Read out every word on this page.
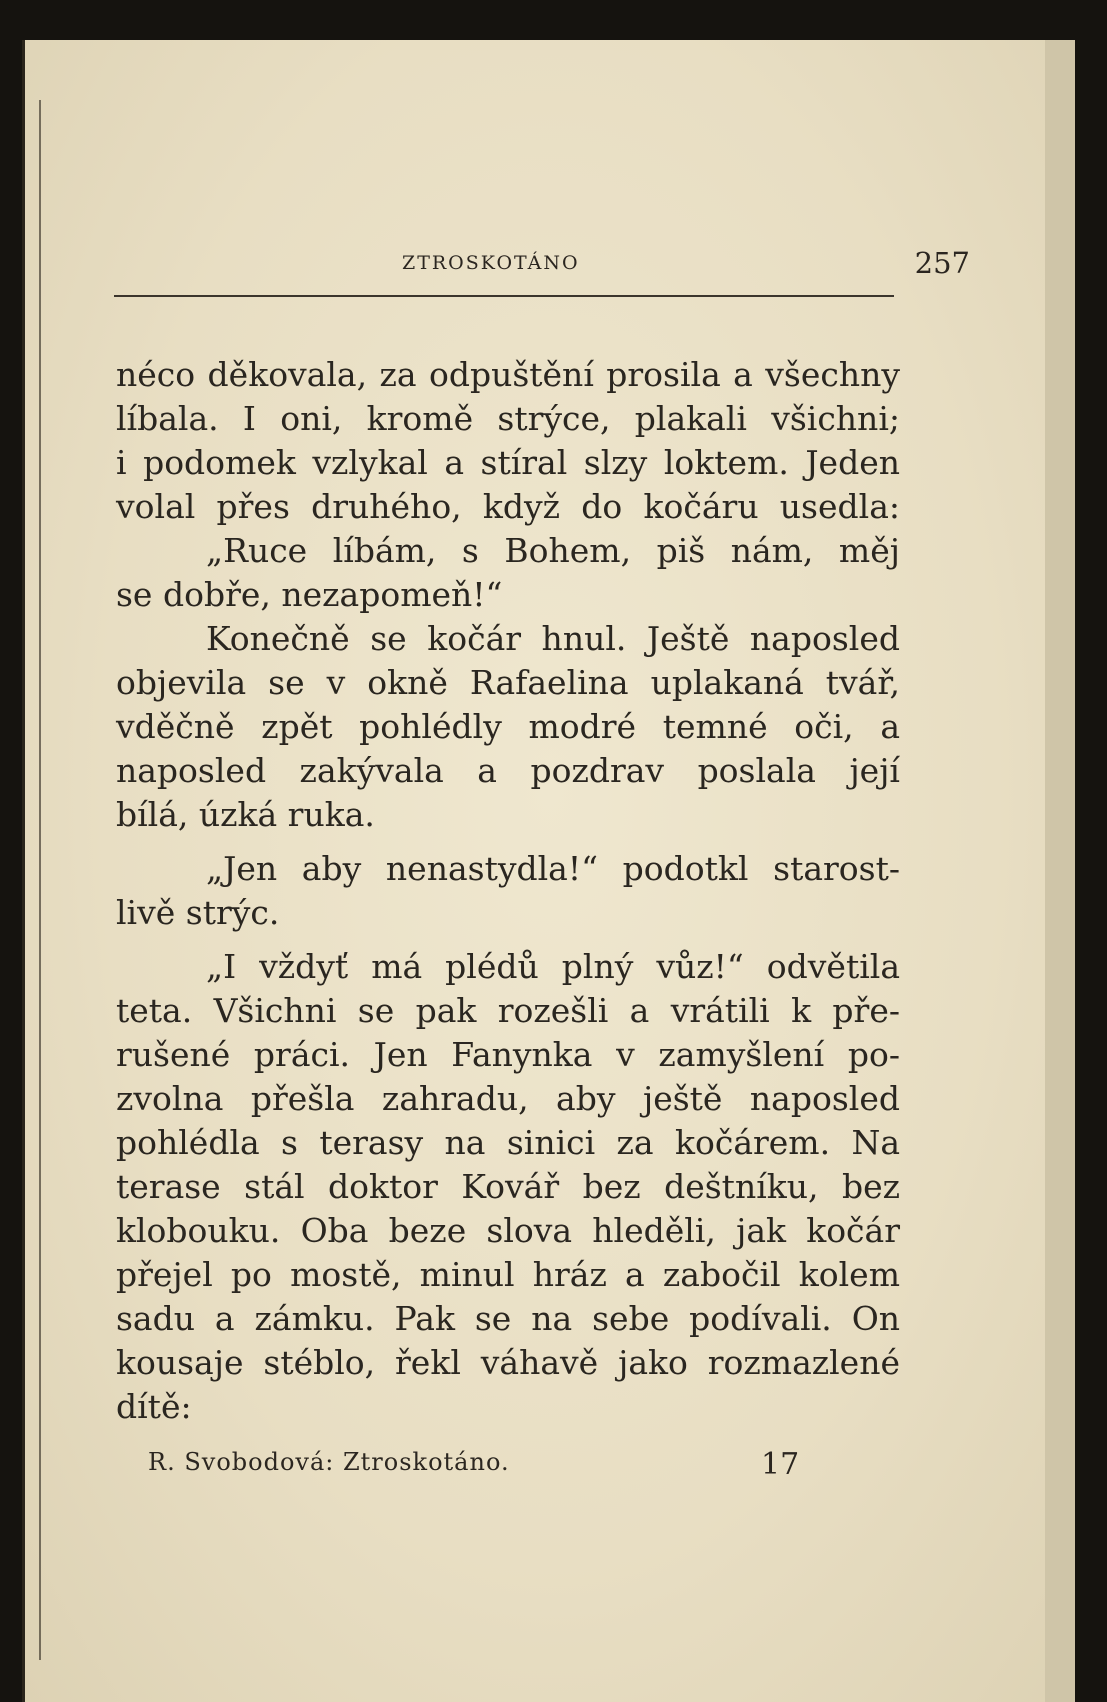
ZTROSKOTÁNO	257
néco děkovala, za odpuštění prosila a všechny
líbala. I oni, kromě strýce, plakali všichni;
i podomek vzlykal a stíral slzy loktem. Jeden
volal přes druhého, když do kočáru usedla:
„Ruce líbám, s Bohem, piš nám, měj
se dobře, nezapomeň!“
Konečně se kočár hnul. Ještě naposled
objevila se v okně Rafaelina uplakaná tvář,
vděčně zpět pohlédly modré temné oči, a
naposled zakývala a pozdrav poslala její
bílá, úzká ruka.
„Jen aby nenastydla!“ podotkl starost-
livě strýc.
„I vždyť má plédů plný vůz!“ odvětila
teta. Všichni se pak rozešli a vrátili k pře-
rušené práci. Jen Fanynka v zamyšlení po-
zvolna přešla zahradu, aby ještě naposled
pohlédla s terasy na sinici za kočárem. Na
terase stál doktor Kovář bez deštníku, bez
klobouku. Oba beze slova hleděli, jak kočár
přejel po mostě, minul hráz a zabočil kolem
sadu a zámku. Pak se na sebe podívali. On
kousaje stéblo, řekl váhavě jako rozmazlené
dítě:
R. Svobodová: Ztroskotáno.	17
